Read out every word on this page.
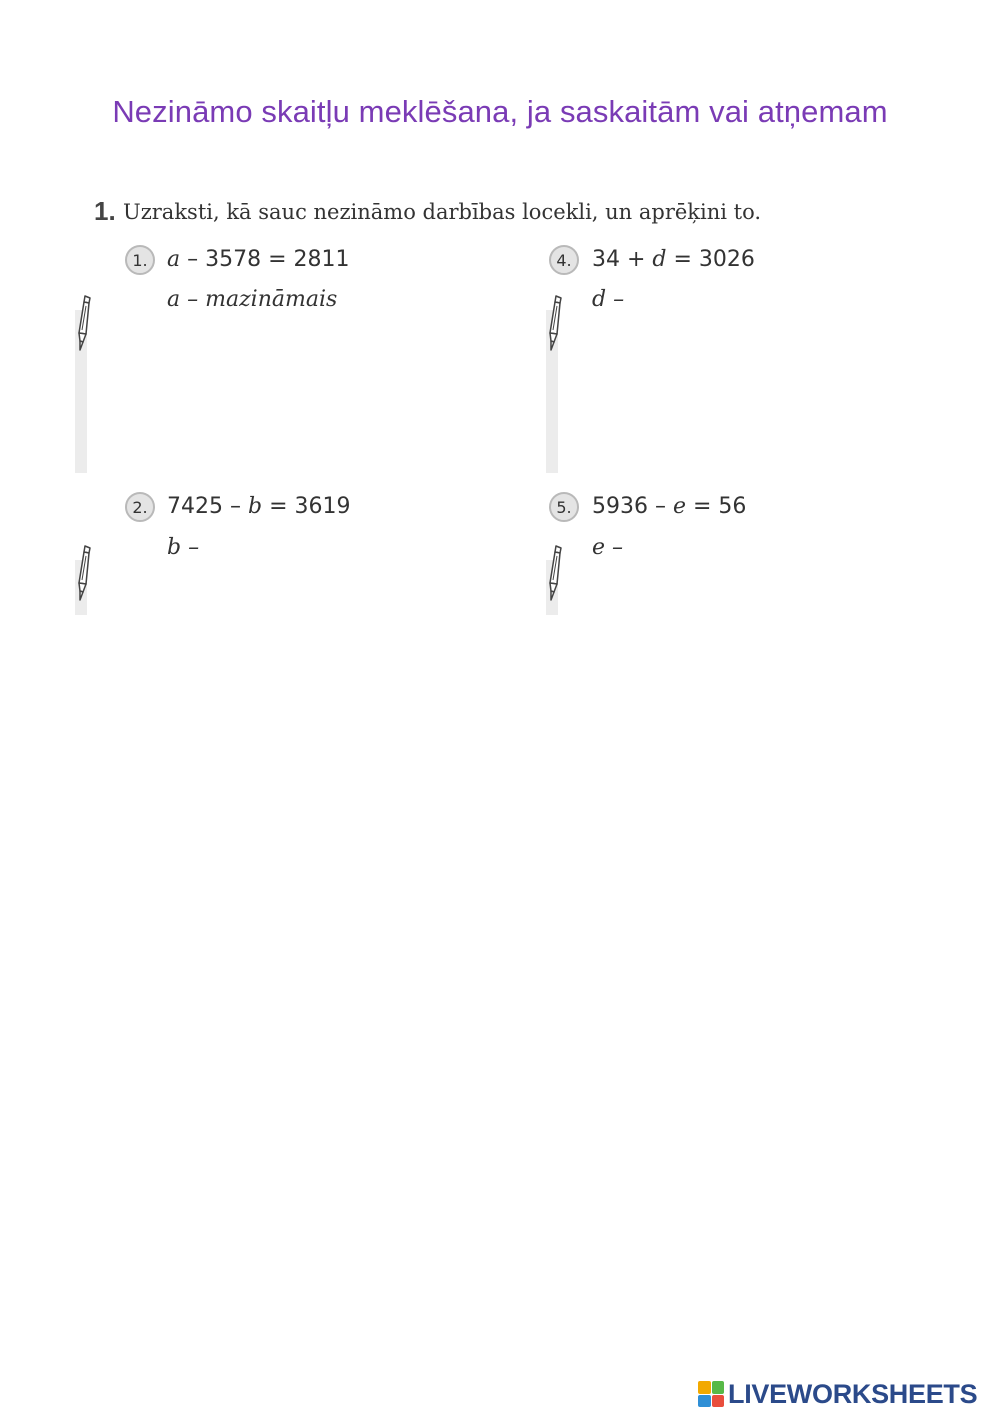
Nezināmo skaitļu meklēšana, ja saskaitām vai atņemam
1. Uzraksti, kā sauc nezināmo darbības locekli, un aprēķini to.
1. a – 3578 = 2811
a – mazināmais
4. 34 + d = 3026
d –
2. 7425 – b = 3619
b –
5. 5936 – e = 56
e –
LIVEWORKSHEETS
